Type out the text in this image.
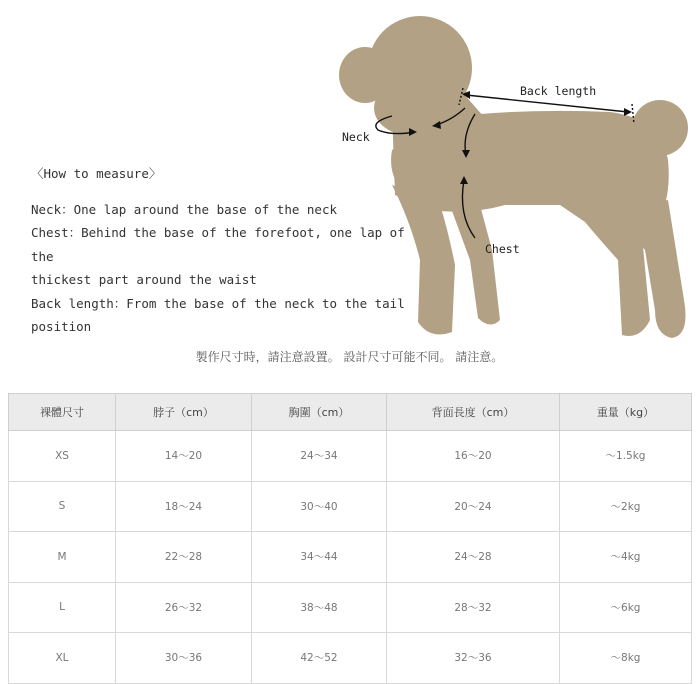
Back length
Neck
Chest
〈How to measure〉
Neck：One lap around the base of the neck
Chest：Behind the base of the forefoot, one lap of the
thickest part around the waist
Back length：From the base of the neck to the tail
position
製作尺寸時，請注意設置。 設計尺寸可能不同。 請注意。
裸體尺寸	脖子（cm）	胸圍（cm）	背面長度（cm）	重量（kg）
XS	14～20	24～34	16～20	～1.5kg
S	18～24	30～40	20～24	～2kg
M	22～28	34～44	24～28	～4kg
L	26～32	38～48	28～32	～6kg
XL	30～36	42～52	32～36	～8kg
